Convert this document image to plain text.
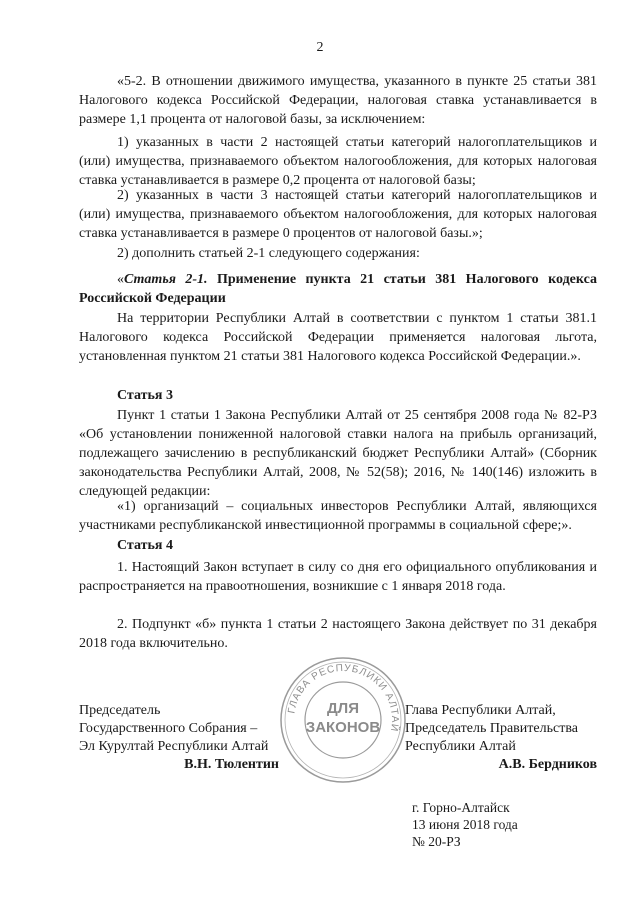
2

«5-2. В отношении движимого имущества, указанного в пункте 25 статьи 381 Налогового кодекса Российской Федерации, налоговая ставка устанавливается в размере 1,1 процента от налоговой базы, за исключением:

1) указанных в части 2 настоящей статьи категорий налогоплательщиков и (или) имущества, признаваемого объектом налогообложения, для которых налоговая ставка устанавливается в размере 0,2 процента от налоговой базы;

2) указанных в части 3 настоящей статьи категорий налогоплательщиков и (или) имущества, признаваемого объектом налогообложения, для которых налоговая ставка устанавливается в размере 0 процентов от налоговой базы.»;

2) дополнить статьей 2-1 следующего содержания:

«Статья 2-1. Применение пункта 21 статьи 381 Налогового кодекса Российской Федерации

На территории Республики Алтай в соответствии с пунктом 1 статьи 381.1 Налогового кодекса Российской Федерации применяется налоговая льгота, установленная пунктом 21 статьи 381 Налогового кодекса Российской Федерации.».

Статья 3

Пункт 1 статьи 1 Закона Республики Алтай от 25 сентября 2008 года № 82-РЗ «Об установлении пониженной налоговой ставки налога на прибыль организаций, подлежащего зачислению в республиканский бюджет Республики Алтай» (Сборник законодательства Республики Алтай, 2008, № 52(58); 2016, № 140(146) изложить в следующей редакции:

«1) организаций – социальных инвесторов Республики Алтай, являющихся участниками республиканской инвестиционной программы в социальной сфере;».

Статья 4

1. Настоящий Закон вступает в силу со дня его официального опубликования и распространяется на правоотношения, возникшие с 1 января 2018 года.

2. Подпункт «б» пункта 1 статьи 2 настоящего Закона действует по 31 декабря 2018 года включительно.

Председатель
Государственного Собрания –
Эл Курултай Республики Алтай
В.Н. Тюлентин
Глава Республики Алтай,
Председатель Правительства
Республики Алтай
А.В. Бердников
ГЛАВА РЕСПУБЛИКИ АЛТАЙ
ДЛЯ
ЗАКОНОВ
г. Горно-Алтайск
13 июня 2018 года
№ 20-РЗ
